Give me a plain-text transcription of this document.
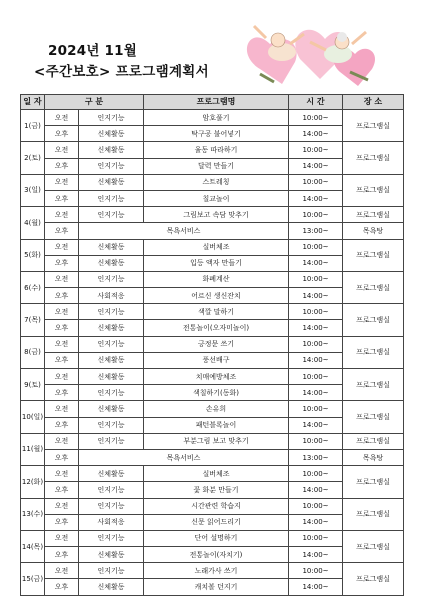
2024년 11월
<주간보호> 프로그램계획서
일 자	구 분		프로그램명	시 간	장 소
1(금)	오전	인지기능	암호풀기	10:00~	프로그램실
	오후	신체활동	탁구공 불어넣기	14:00~	
2(토)	오전	신체활동	율동 따라하기	10:00~	프로그램실
	오후	인지기능	달력 만들기	14:00~	
3(일)	오전	신체활동	스트레칭	10:00~	프로그램실
	오후	인지기능	칠교놀이	14:00~	
4(월)	오전	인지기능	그림보고 속담 맞추기	10:00~	프로그램실
	오후	목욕서비스		13:00~	목욕탕
5(화)	오전	신체활동	실버체조	10:00~	프로그램실
	오후	신체활동	입등 액자 만들기	14:00~	
6(수)	오전	인지기능	화폐계산	10:00~	프로그램실
	오후	사회적응	어르신 생신잔치	14:00~	
7(목)	오전	인지기능	색깔 말하기	10:00~	프로그램실
	오후	신체활동	전통놀이(오자미놀이)	14:00~	
8(금)	오전	인지기능	긍정문 쓰기	10:00~	프로그램실
	오후	신체활동	풍선배구	14:00~	
9(토)	오전	신체활동	치매예방체조	10:00~	프로그램실
	오후	인지기능	색칠하기(동화)	14:00~	
10(일)	오전	신체활동	손유희	10:00~	프로그램실
	오후	인지기능	패턴블록놀이	14:00~	
11(월)	오전	인지기능	부분그림 보고 맞추기	10:00~	프로그램실
	오후	목욕서비스		13:00~	목욕탕
12(화)	오전	신체활동	실버체조	10:00~	프로그램실
	오후	인지기능	꽃 화분 만들기	14:00~	
13(수)	오전	인지기능	시간관련 학습지	10:00~	프로그램실
	오후	사회적응	신문 읽어드리기	14:00~	
14(목)	오전	인지기능	단어 설명하기	10:00~	프로그램실
	오후	신체활동	전통놀이(자치기)	14:00~	
15(금)	오전	인지기능	노래가사 쓰기	10:00~	프로그램실
	오후	신체활동	캐치볼 던지기	14:00~	
